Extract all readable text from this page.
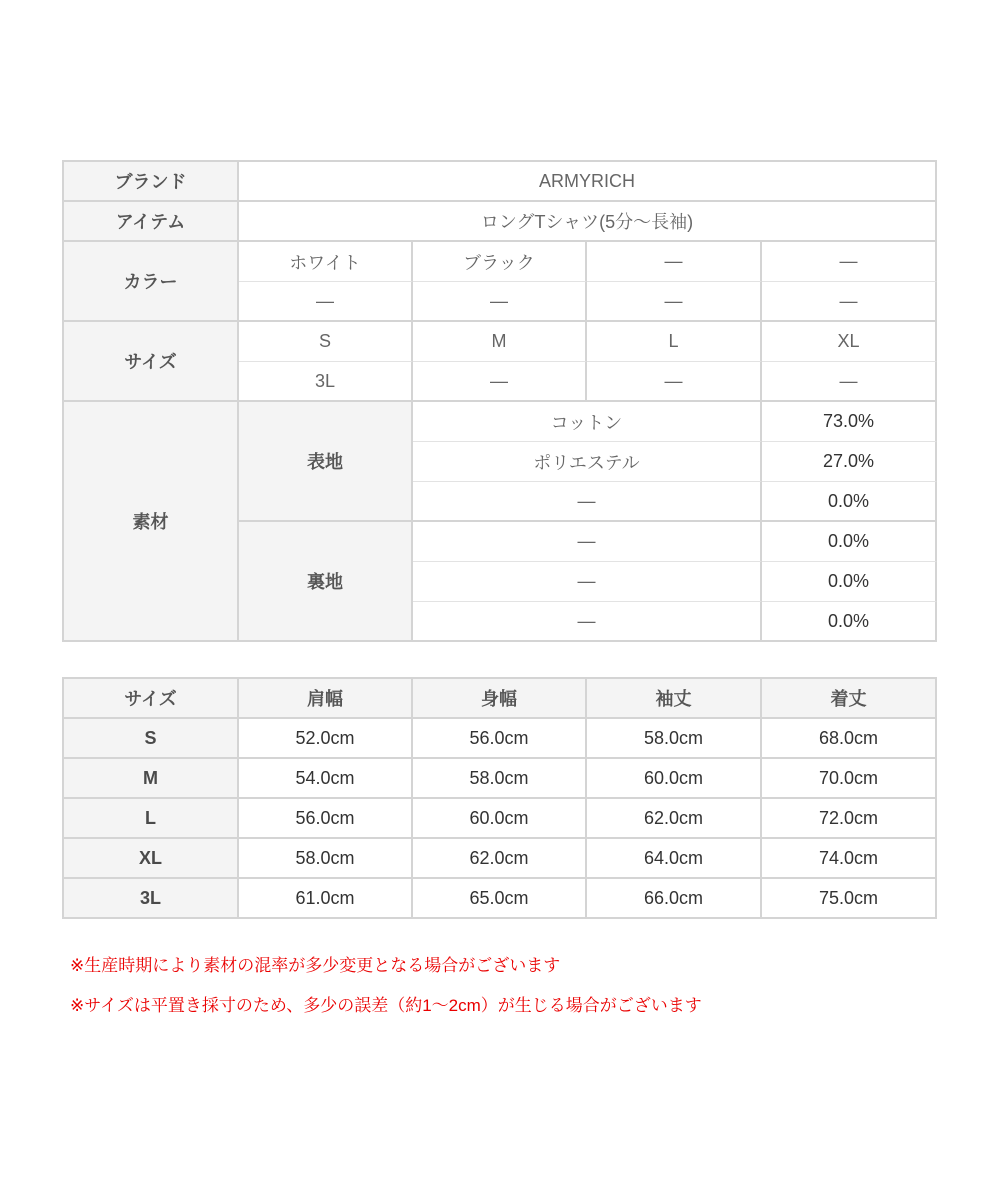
ブランド	ARMYRICH			
アイテム	ロングTシャツ(5分〜長袖)			
カラー	ホワイト	ブラック	—	—
	—	—	—	—
サイズ	S	M	L	XL
	3L	—	—	—
素材	表地	コットン		73.0%
		ポリエステル		27.0%
		—		0.0%
	裏地	—		0.0%
		—		0.0%
		—		0.0%
サイズ	肩幅	身幅	袖丈	着丈
S	52.0cm	56.0cm	58.0cm	68.0cm
M	54.0cm	58.0cm	60.0cm	70.0cm
L	56.0cm	60.0cm	62.0cm	72.0cm
XL	58.0cm	62.0cm	64.0cm	74.0cm
3L	61.0cm	65.0cm	66.0cm	75.0cm

※生産時期により素材の混率が多少変更となる場合がございます

※サイズは平置き採寸のため、多少の誤差（約1〜2cm）が生じる場合がございます
